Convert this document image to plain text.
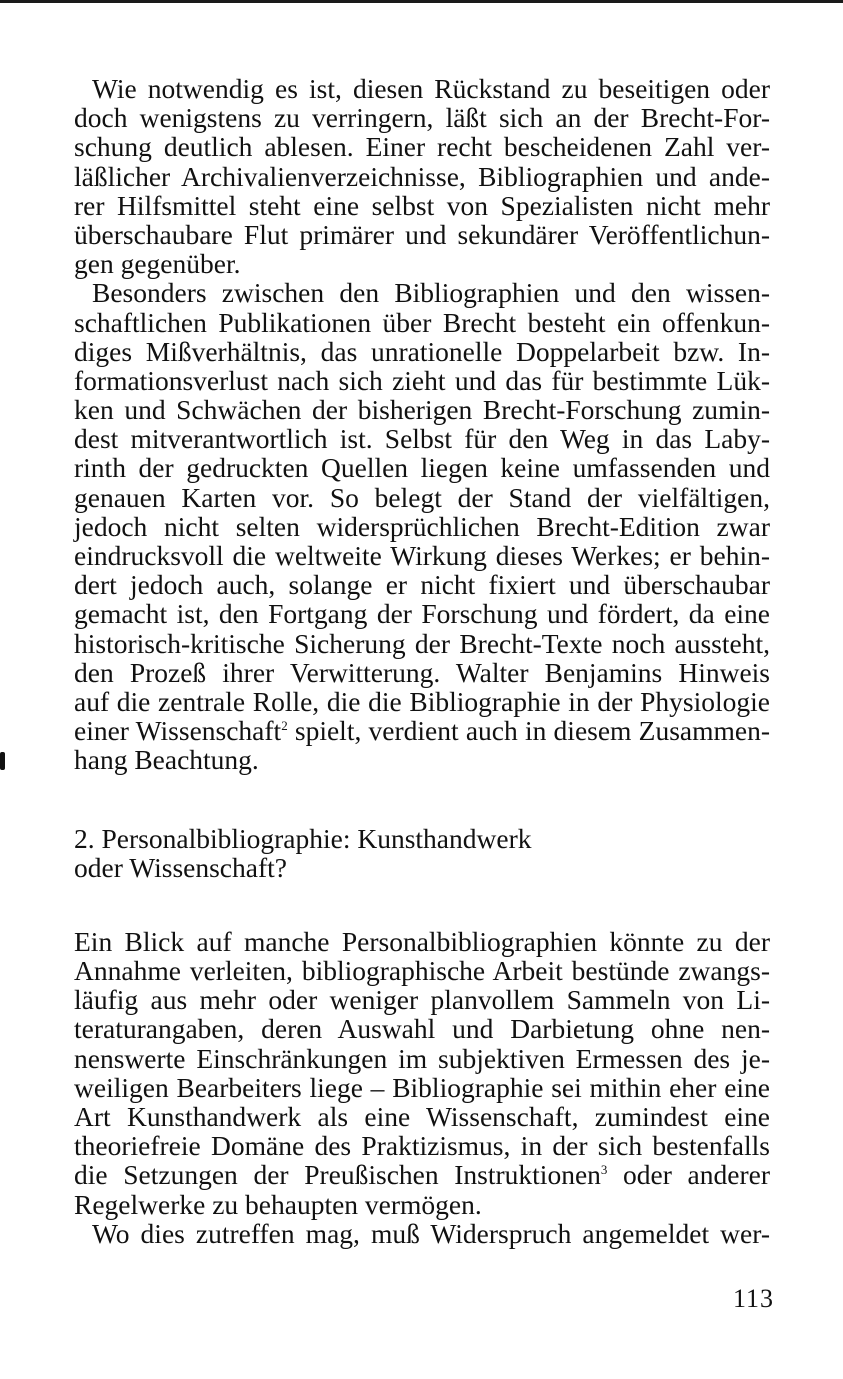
Wie notwendig es ist, diesen Rückstand zu beseitigen oder
doch wenigstens zu verringern, läßt sich an der Brecht-For-
schung deutlich ablesen. Einer recht bescheidenen Zahl ver-
läßlicher Archivalienverzeichnisse, Bibliographien und ande-
rer Hilfsmittel steht eine selbst von Spezialisten nicht mehr
überschaubare Flut primärer und sekundärer Veröffentlichun-
gen gegenüber.
Besonders zwischen den Bibliographien und den wissen-
schaftlichen Publikationen über Brecht besteht ein offenkun-
diges Mißverhältnis, das unrationelle Doppelarbeit bzw. In-
formationsverlust nach sich zieht und das für bestimmte Lük-
ken und Schwächen der bisherigen Brecht-Forschung zumin-
dest mitverantwortlich ist. Selbst für den Weg in das Laby-
rinth der gedruckten Quellen liegen keine umfassenden und
genauen Karten vor. So belegt der Stand der vielfältigen,
jedoch nicht selten widersprüchlichen Brecht-Edition zwar
eindrucksvoll die weltweite Wirkung dieses Werkes; er behin-
dert jedoch auch, solange er nicht fixiert und überschaubar
gemacht ist, den Fortgang der Forschung und fördert, da eine
historisch-kritische Sicherung der Brecht-Texte noch aussteht,
den Prozeß ihrer Verwitterung. Walter Benjamins Hinweis
auf die zentrale Rolle, die die Bibliographie in der Physiologie
einer Wissenschaft$^2$ spielt, verdient auch in diesem Zusammen-
hang Beachtung.
2. Personalbibliographie: Kunsthandwerk
oder Wissenschaft?
Ein Blick auf manche Personalbibliographien könnte zu der
Annahme verleiten, bibliographische Arbeit bestünde zwangs-
läufig aus mehr oder weniger planvollem Sammeln von Li-
teraturangaben, deren Auswahl und Darbietung ohne nen-
nenswerte Einschränkungen im subjektiven Ermessen des je-
weiligen Bearbeiters liege – Bibliographie sei mithin eher eine
Art Kunsthandwerk als eine Wissenschaft, zumindest eine
theoriefreie Domäne des Praktizismus, in der sich bestenfalls
die Setzungen der Preußischen Instruktionen$^3$ oder anderer
Regelwerke zu behaupten vermögen.
Wo dies zutreffen mag, muß Widerspruch angemeldet wer-
113
